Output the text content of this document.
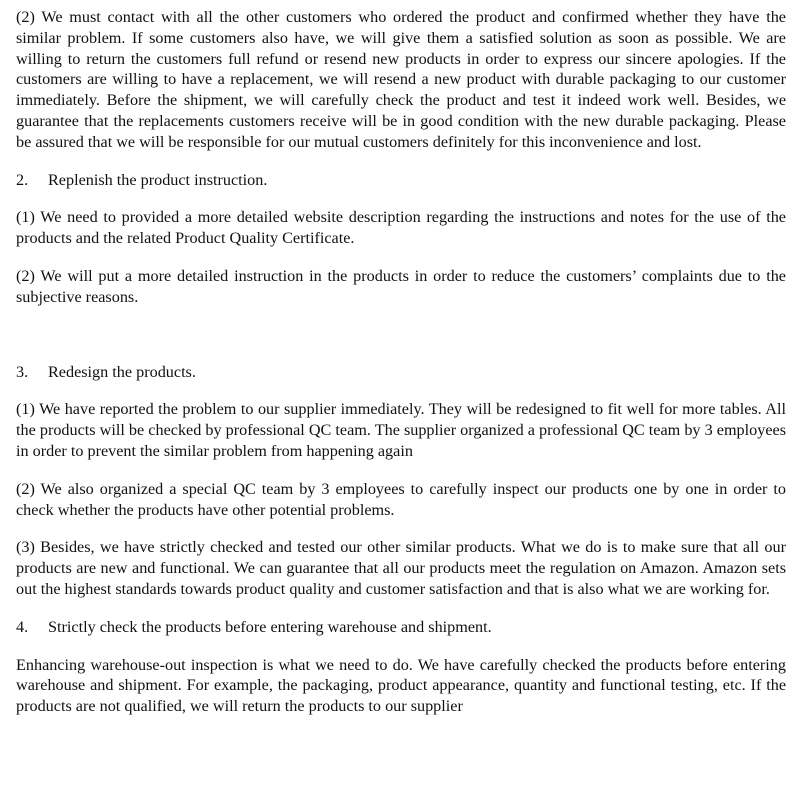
(2) We must contact with all the other customers who ordered the product and confirmed whether they have the similar problem. If some customers also have, we will give them a satisfied solution as soon as possible. We are willing to return the customers full refund or resend new products in order to express our sincere apologies. If the customers are willing to have a replacement, we will resend a new product with durable packaging to our customer immediately. Before the shipment, we will carefully check the product and test it indeed work well. Besides, we guarantee that the replacements customers receive will be in good condition with the new durable packaging. Please be assured that we will be responsible for our mutual customers definitely for this inconvenience and lost.

2. Replenish the product instruction.

(1) We need to provided a more detailed website description regarding the instructions and notes for the use of the products and the related Product Quality Certificate.

(2) We will put a more detailed instruction in the products in order to reduce the customers’ complaints due to the subjective reasons.

3. Redesign the products.

(1) We have reported the problem to our supplier immediately. They will be redesigned to fit well for more tables. All the products will be checked by professional QC team. The supplier organized a professional QC team by 3 employees in order to prevent the similar problem from happening again

(2) We also organized a special QC team by 3 employees to carefully inspect our products one by one in order to check whether the products have other potential problems.

(3) Besides, we have strictly checked and tested our other similar products. What we do is to make sure that all our products are new and functional. We can guarantee that all our products meet the regulation on Amazon. Amazon sets out the highest standards towards product quality and customer satisfaction and that is also what we are working for.

4. Strictly check the products before entering warehouse and shipment.

Enhancing warehouse-out inspection is what we need to do. We have carefully checked the products before entering warehouse and shipment. For example, the packaging, product appearance, quantity and functional testing, etc. If the products are not qualified, we will return the products to our supplier
